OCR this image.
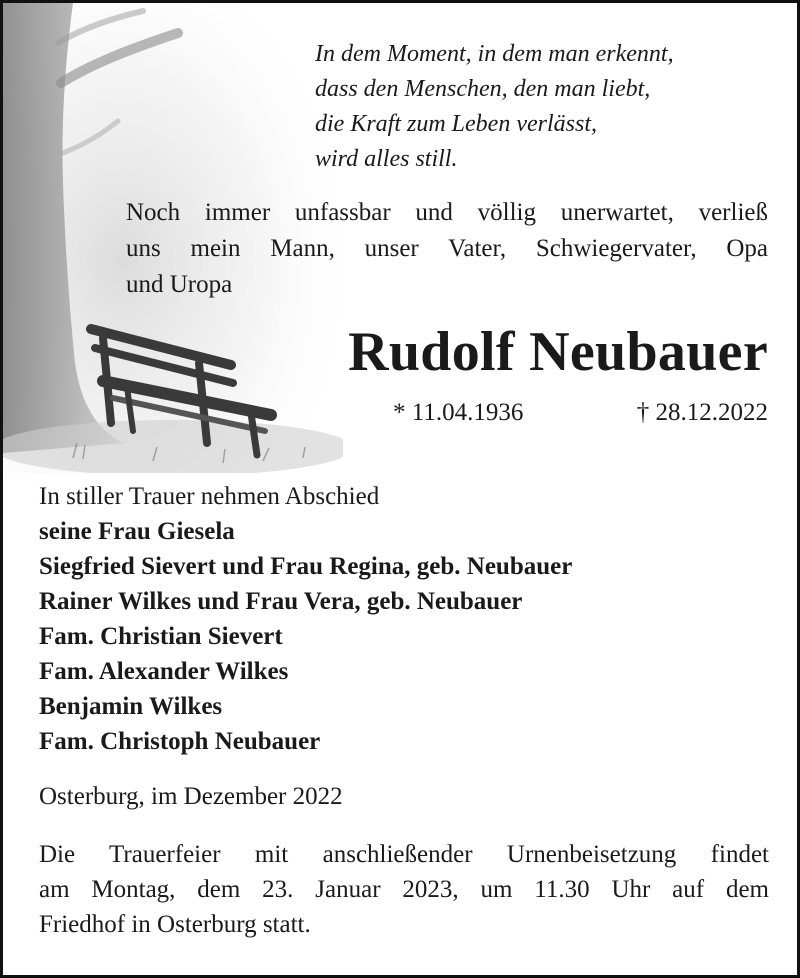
In dem Moment, in dem man erkennt,
dass den Menschen, den man liebt,
die Kraft zum Leben verlässt,
wird alles still.
Noch immer unfassbar und völlig unerwartet, verließ
uns mein Mann, unser Vater, Schwiegervater, Opa
und Uropa
Rudolf Neubauer
* 11.04.1936	† 28.12.2022
In stiller Trauer nehmen Abschied
seine Frau Giesela
Siegfried Sievert und Frau Regina, geb. Neubauer
Rainer Wilkes und Frau Vera, geb. Neubauer
Fam. Christian Sievert
Fam. Alexander Wilkes
Benjamin Wilkes
Fam. Christoph Neubauer
Osterburg, im Dezember 2022
Die Trauerfeier mit anschließender Urnenbeisetzung findet
am Montag, dem 23. Januar 2023, um 11.30 Uhr auf dem
Friedhof in Osterburg statt.
